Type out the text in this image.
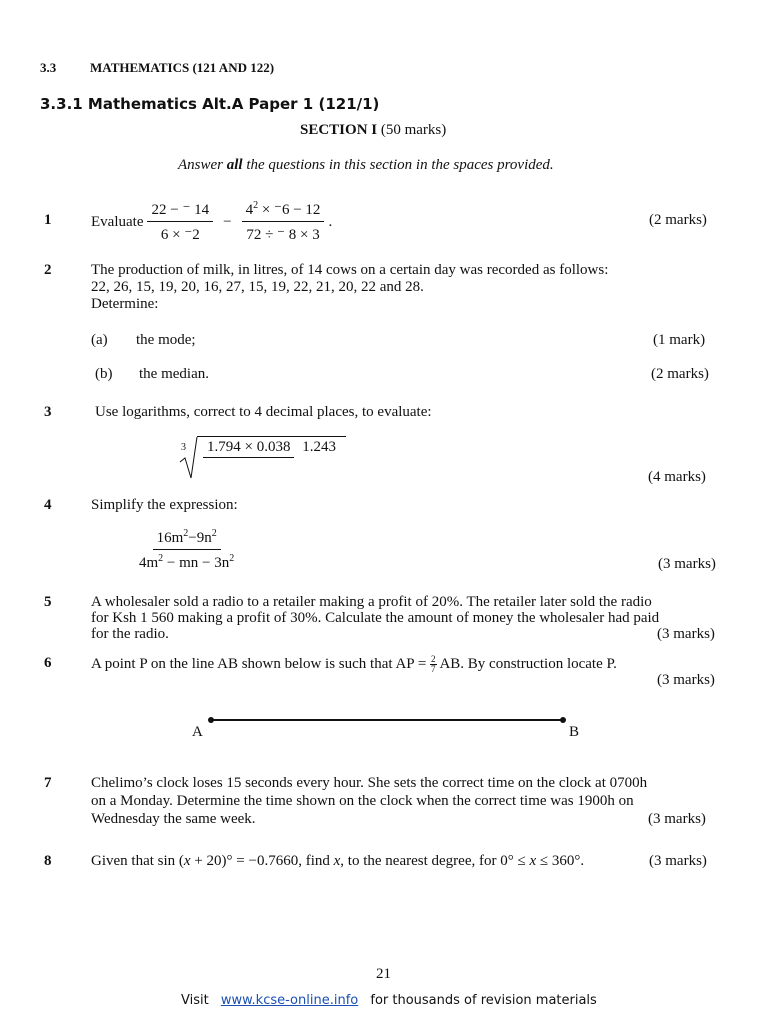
3.3	MATHEMATICS (121 AND 122)
3.3.1 Mathematics Alt.A Paper 1 (121/1)
SECTION I (50 marks)
Answer all the questions in this section in the spaces provided.
1	Evaluate $\frac{22 - ^- 14}{6 \times ^-2} - \frac{4^2 \times ^-6 - 12}{72 \div ^- 8 \times 3}$ .	(2 marks)
2	The production of milk, in litres, of 14 cows on a certain day was recorded as follows:
22, 26, 15, 19, 20, 16, 27, 15, 19, 22, 21, 20, 22 and 28.
Determine:
(a) the mode;	(1 mark)
(b) the median.	(2 marks)
3	Use logarithms, correct to 4 decimal places, to evaluate:
3	1.794 × 0.038 1.243
(4 marks)
4	Simplify the expression:
$\frac{16m^2-9n^2}{4m^2 - mn - 3n^2}$	(3 marks)
5	A wholesaler sold a radio to a retailer making a profit of 20%. The retailer later sold the radio
for Ksh 1 560 making a profit of 30%. Calculate the amount of money the wholesaler had paid
for the radio.	(3 marks)
6	A point P on the line AB shown below is such that AP = $\frac{2}{7}$ AB. By construction locate P.
(3 marks)
A	B
7	Chelimo’s clock loses 15 seconds every hour. She sets the correct time on the clock at 0700h
on a Monday. Determine the time shown on the clock when the correct time was 1900h on
Wednesday the same week.	(3 marks)
8	Given that sin (x + 20)° = −0.7660, find x, to the nearest degree, for 0° ≤ x ≤ 360°.	(3 marks)
21
Visit www.kcse-online.info for thousands of revision materials
